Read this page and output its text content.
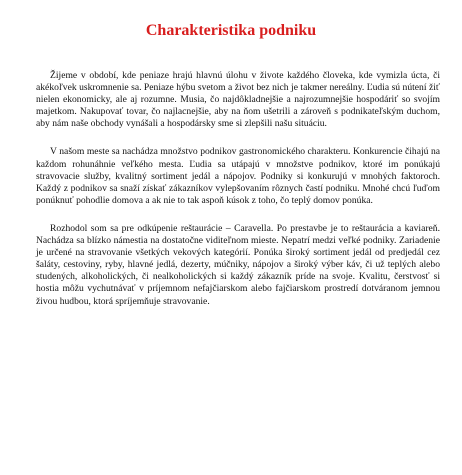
Charakteristika podniku

Žijeme v období, kde peniaze hrajú hlavnú úlohu v živote každého človeka, kde vymizla úcta, či akékoľvek uskromnenie sa. Peniaze hýbu svetom a život bez nich je takmer nereálny. Ľudia sú nútení žiť nielen ekonomicky, ale aj rozumne. Musia, čo najdôkladnejšie a najrozumnejšie hospodáriť so svojím majetkom. Nakupovať tovar, čo najlacnejšie, aby na ňom ušetrili a zároveň s podnikateľským duchom, aby nám naše obchody vynášali a hospodársky sme si zlepšili našu situáciu.

V našom meste sa nachádza množstvo podnikov gastronomického charakteru. Konkurencie čihajú na každom rohunáhnie veľkého mesta. Ľudia sa utápajú v množstve podnikov, ktoré im ponúkajú stravovacie služby, kvalitný sortiment jedál a nápojov. Podniky si konkurujú v mnohých faktoroch. Každý z podnikov sa snaží získať zákazníkov vylepšovaním rôznych častí podniku. Mnohé chcú ľuďom ponúknuť pohodlie domova a ak nie to tak aspoň kúsok z toho, čo teplý domov ponúka.

Rozhodol som sa pre odkúpenie reštaurácie – Caravella. Po prestavbe je to reštaurácia a kaviareň. Nachádza sa blízko námestia na dostatočne viditeľnom mieste. Nepatrí medzi veľké podniky. Zariadenie je určené na stravovanie všetkých vekových kategórií. Ponúka široký sortiment jedál od predjedál cez šaláty, cestoviny, ryby, hlavné jedlá, dezerty, múčniky, nápojov a široký výber káv, či už teplých alebo studených, alkoholických, či nealkoholických si každý zákazník príde na svoje. Kvalitu, čerstvosť si hostia môžu vychutnávať v príjemnom nefajčiarskom alebo fajčiarskom prostredí dotváranom jemnou živou hudbou, ktorá spríjemňuje stravovanie.
